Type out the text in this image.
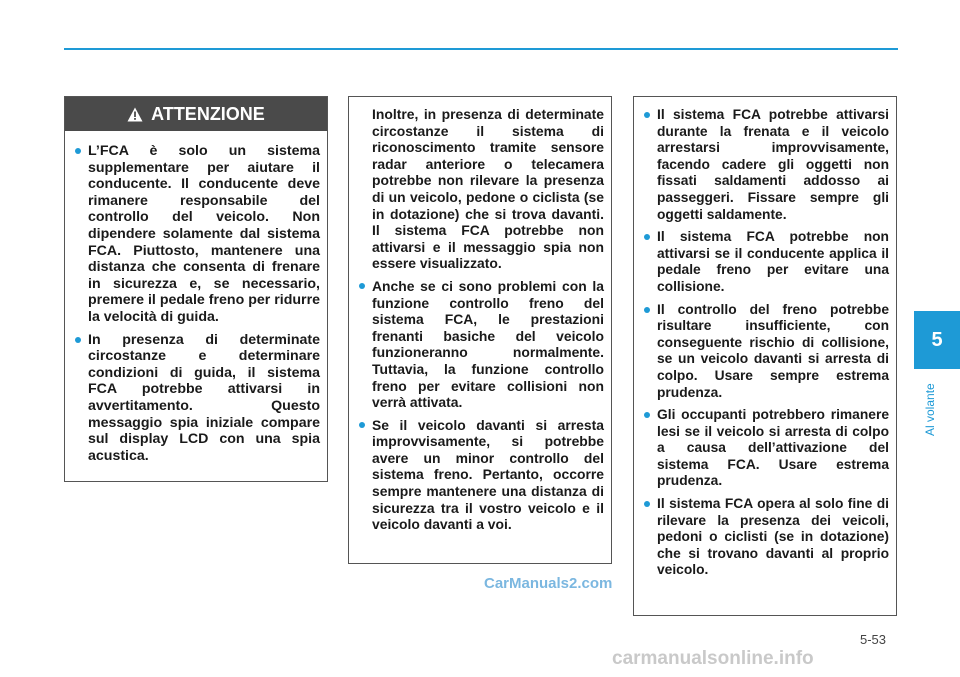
5
Al volante
ATTENZIONE
L’FCA è solo un sistema supplementare per aiutare il conducente. Il conducente deve rimanere responsabile del controllo del veicolo. Non dipendere solamente dal sistema FCA. Piuttosto, mantenere una distanza che consenta di frenare in sicurezza e, se necessario, premere il pedale freno per ridurre la velocità di guida.
In presenza di determinate circostanze e determinare condizioni di guida, il sistema FCA potrebbe attivarsi in avvertitamento. Questo messaggio spia iniziale compare sul display LCD con una spia acustica.
Inoltre, in presenza di determinate circostanze il sistema di riconoscimento tramite sensore radar anteriore o telecamera potrebbe non rilevare la presenza di un veicolo, pedone o ciclista (se in dotazione) che si trova davanti. Il sistema FCA potrebbe non attivarsi e il messaggio spia non essere visualizzato.
Anche se ci sono problemi con la funzione controllo freno del sistema FCA, le prestazioni frenanti basiche del veicolo funzioneranno normalmente. Tuttavia, la funzione controllo freno per evitare collisioni non verrà attivata.
Se il veicolo davanti si arresta improvvisamente, si potrebbe avere un minor controllo del sistema freno. Pertanto, occorre sempre mantenere una distanza di sicurezza tra il vostro veicolo e il veicolo davanti a voi.
Il sistema FCA potrebbe attivarsi durante la frenata e il veicolo arrestarsi improvvisamente, facendo cadere gli oggetti non fissati saldamenti addosso ai passeggeri. Fissare sempre gli oggetti saldamente.
Il sistema FCA potrebbe non attivarsi se il conducente applica il pedale freno per evitare una collisione.
Il controllo del freno potrebbe risultare insufficiente, con conseguente rischio di collisione, se un veicolo davanti si arresta di colpo. Usare sempre estrema prudenza.
Gli occupanti potrebbero rimanere lesi se il veicolo si arresta di colpo a causa dell’attivazione del sistema FCA. Usare estrema prudenza.
Il sistema FCA opera al solo fine di rilevare la presenza dei veicoli, pedoni o ciclisti (se in dotazione) che si trovano davanti al proprio veicolo.
CarManuals2.com
5-53
carmanualsonline.info
